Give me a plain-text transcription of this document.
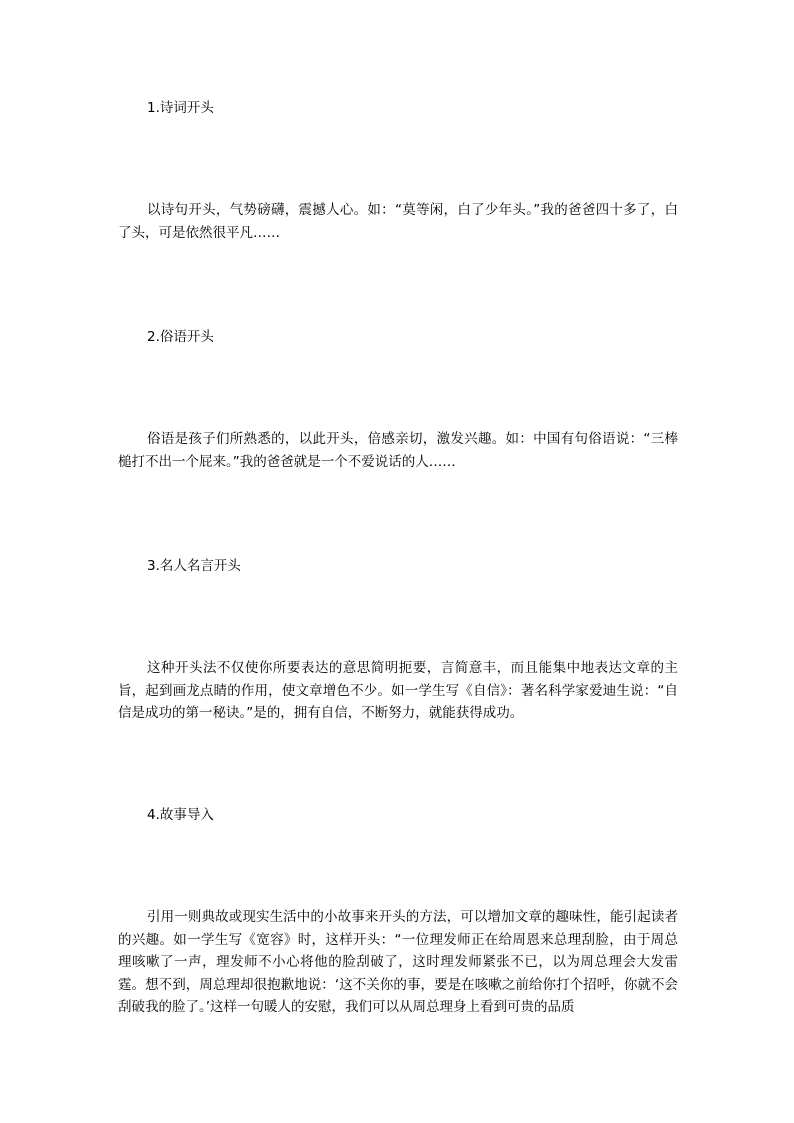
1.诗词开头
以诗句开头，气势磅礴，震撼人心。如：“莫等闲，白了少年头。”我的爸爸四十多了，白了头，可是依然很平凡……
2.俗语开头
俗语是孩子们所熟悉的，以此开头，倍感亲切，激发兴趣。如：中国有句俗语说：“三棒槌打不出一个屁来。”我的爸爸就是一个不爱说话的人……
3.名人名言开头
这种开头法不仅使你所要表达的意思简明扼要，言简意丰，而且能集中地表达文章的主旨，起到画龙点睛的作用，使文章增色不少。如一学生写《自信》：著名科学家爱迪生说：“自信是成功的第一秘诀。”是的，拥有自信，不断努力，就能获得成功。
4.故事导入
引用一则典故或现实生活中的小故事来开头的方法，可以增加文章的趣味性，能引起读者的兴趣。如一学生写《宽容》时，这样开头：“一位理发师正在给周恩来总理刮脸，由于周总理咳嗽了一声，理发师不小心将他的脸刮破了，这时理发师紧张不已，以为周总理会大发雷霆。想不到，周总理却很抱歉地说：‘这不关你的事，要是在咳嗽之前给你打个招呼，你就不会刮破我的脸了。’这样一句暖人的安慰，我们可以从周总理身上看到可贵的品质
